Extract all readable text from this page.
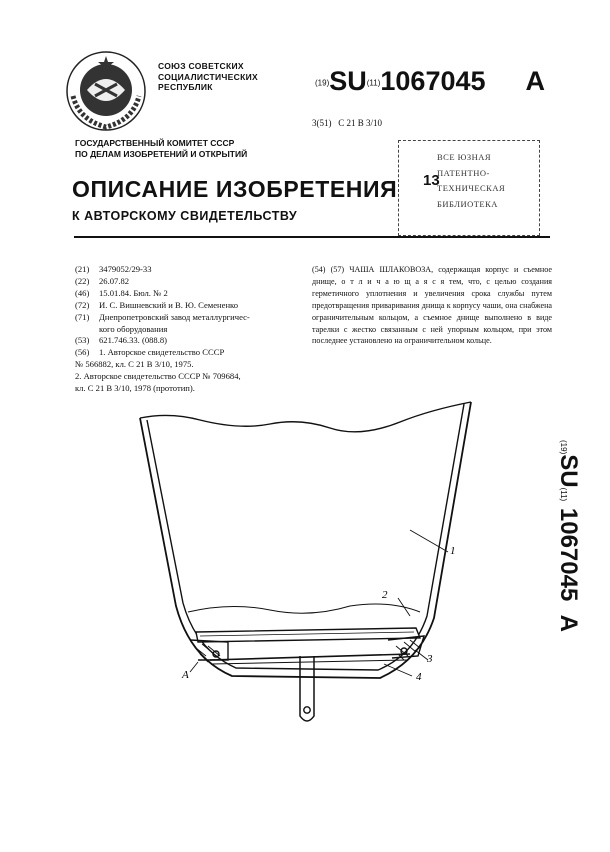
СОЮЗ СОВЕТСКИХ
СОЦИАЛИСТИЧЕСКИХ
РЕСПУБЛИК	(19)SU(11)1067045 A
3(51) С 21 В 3/10
ГОСУДАРСТВЕННЫЙ КОМИТЕТ СССР
ПО ДЕЛАМ ИЗОБРЕТЕНИЙ И ОТКРЫТИЙ
13
ВСЕ ЮЗНАЯ
ПАТЕНТНО-
ТЕХНИЧЕСКАЯ
БИБЛИОТЕКА
ОПИСАНИЕ ИЗОБРЕТЕНИЯ
К АВТОРСКОМУ СВИДЕТЕЛЬСТВУ
(21) 3479052/29-33
(22) 26.07.82
(46) 15.01.84. Бюл. № 2
(72) И. С. Вишневский и В. Ю. Семененко
(71) Днепропетровский завод металлургичес-
кого оборудования
(53) 621.746.33. (088.8)
(56) 1. Авторское свидетельство СССР
№ 566882, кл. С 21 В 3/10, 1975.
2. Авторское свидетельство СССР № 709684,
кл. С 21 В 3/10, 1978 (прототип).
(54) (57) ЧАША ШЛАКОВОЗА, содержащая корпус и съемное днище, о т л и ч а ю щ а я с я тем, что, с целью создания герметичного уплотнения и увеличения срока службы путем предотвращения приваривания днища к корпусу чаши, она снабжена ограничительным кольцом, а съемное днище выполнено в виде тарелки с жестко связанным с ней упорным кольцом, при этом последнее установлено на ограничительном кольце.
(19)SU(11) 1067045  A
1
2
3
4
А
